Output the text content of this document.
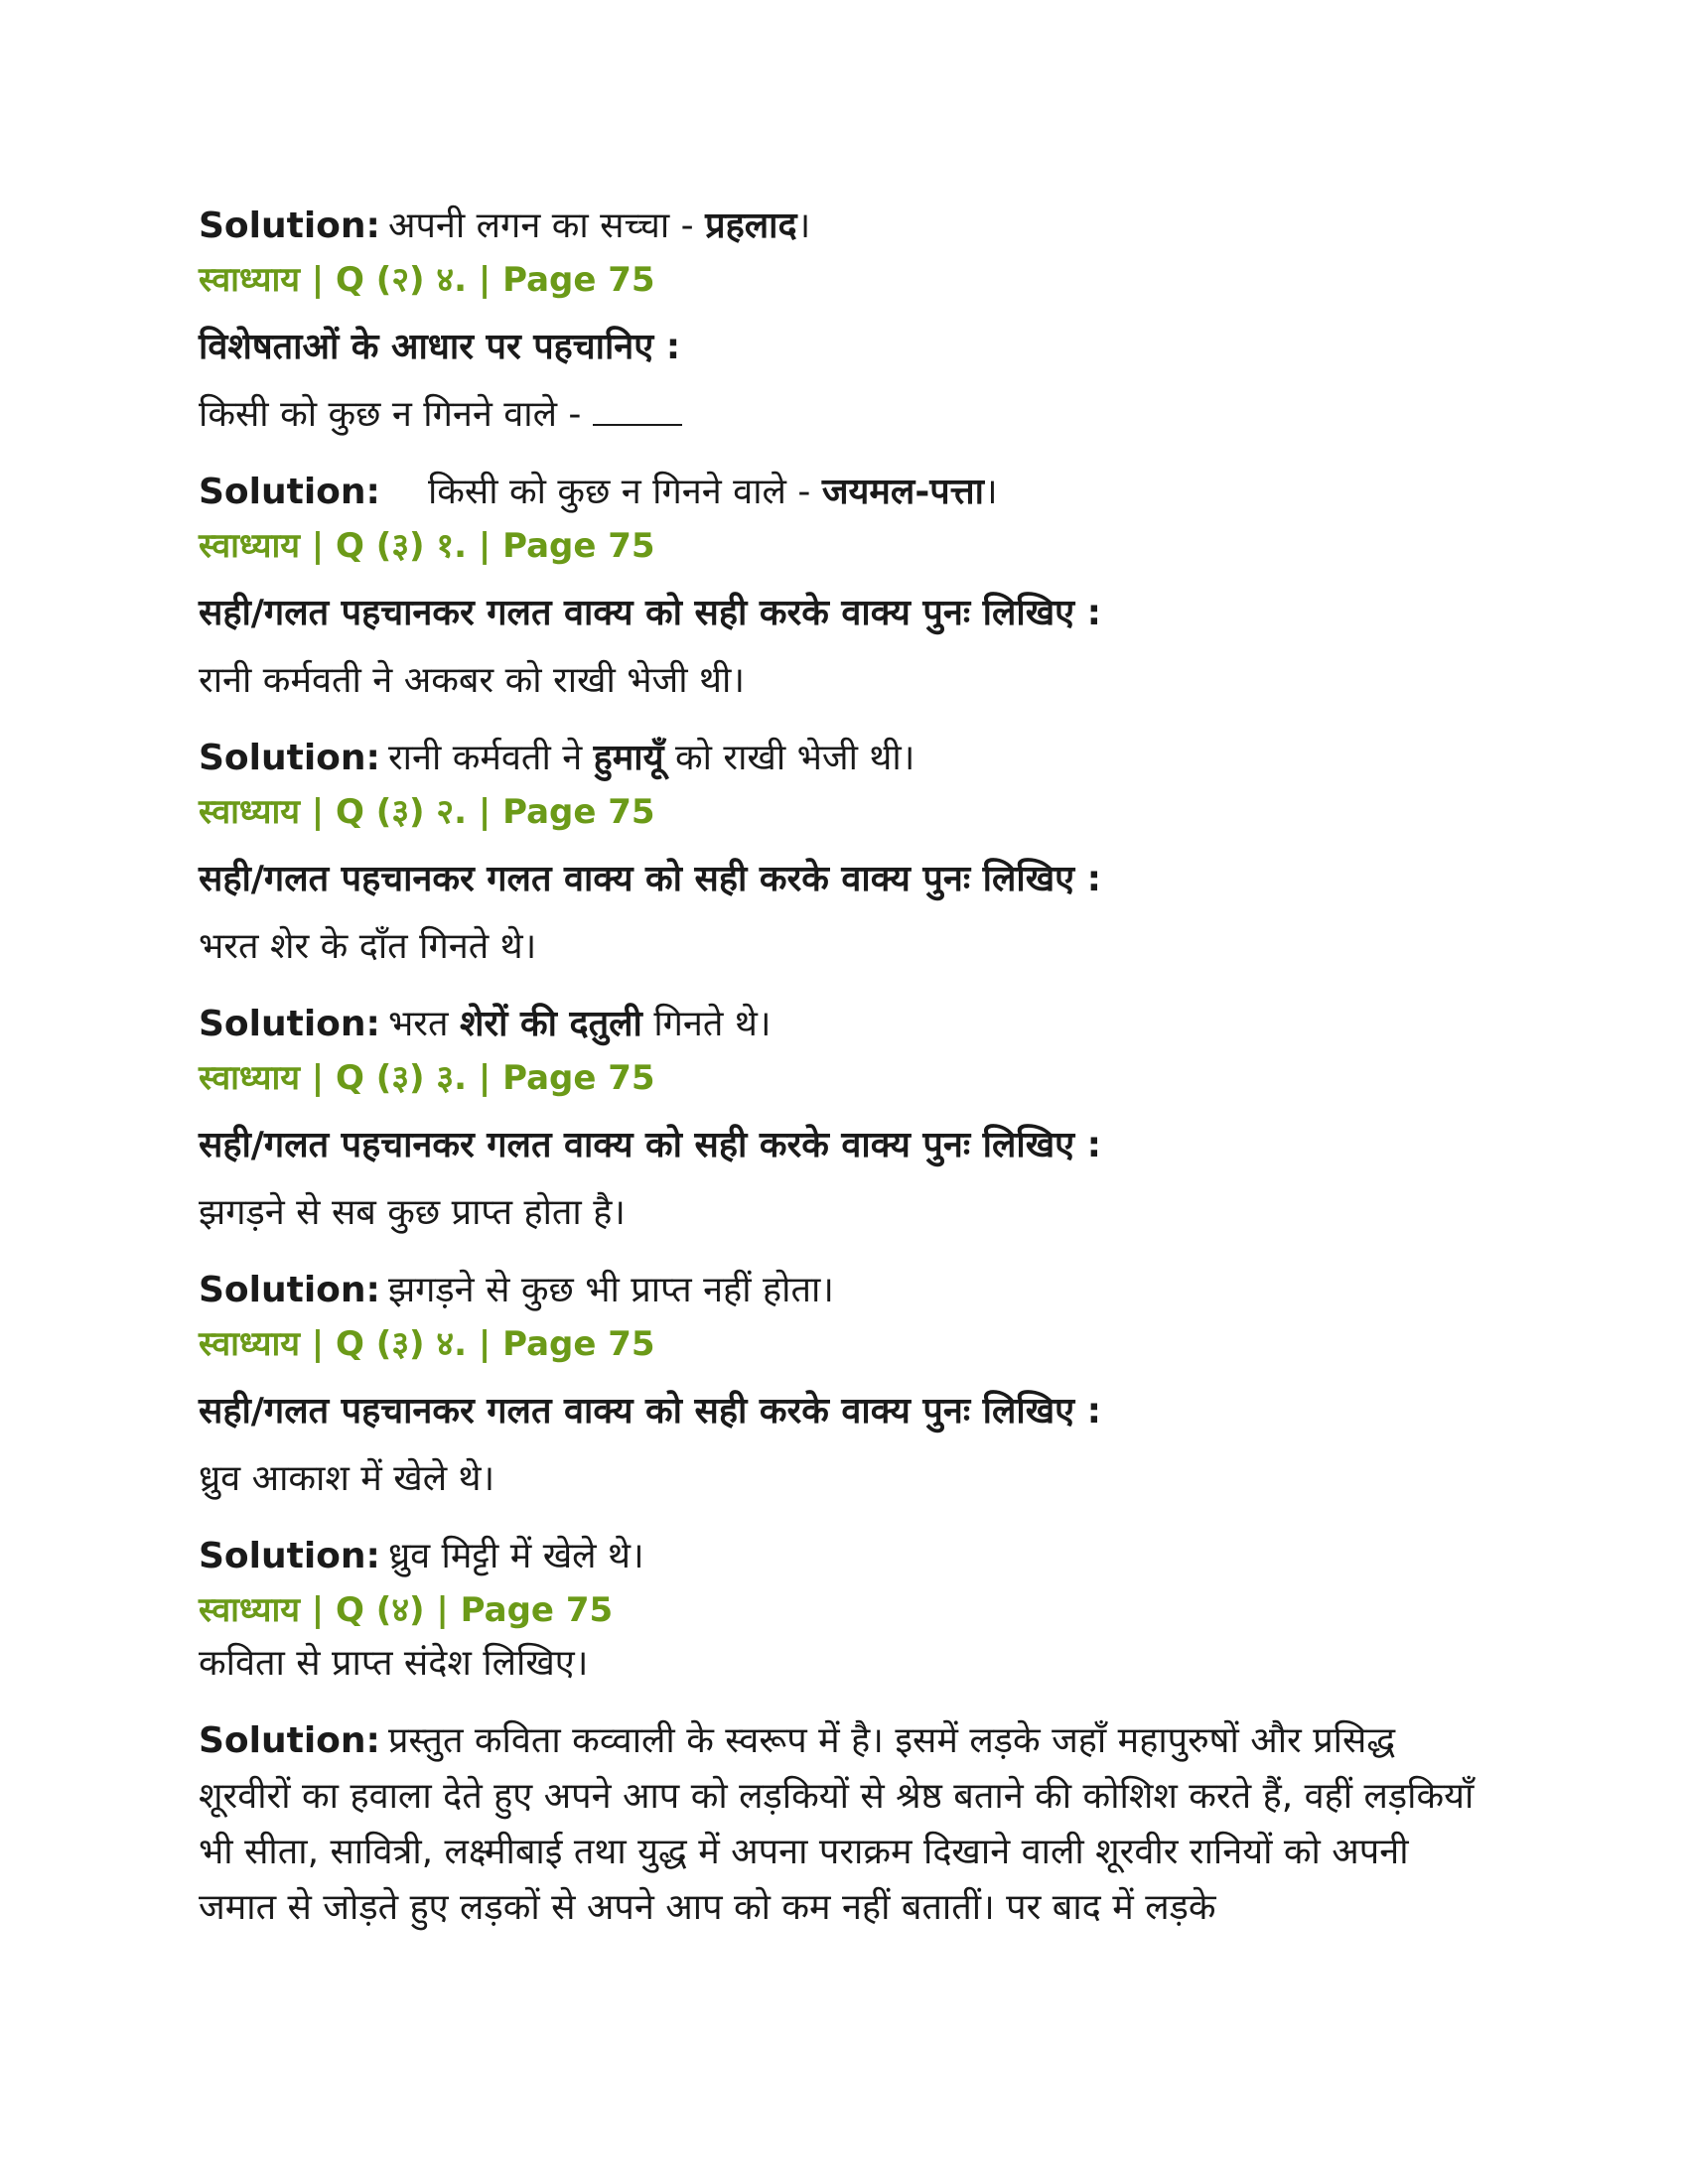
Solution: अपनी लगन का सच्चा - प्रहलाद।

स्वाध्याय | Q (२) ४. | Page 75

विशेषताओं के आधार पर पहचानिए :

किसी को कुछ न गिनने वाले -

Solution: किसी को कुछ न गिनने वाले - जयमल-पत्ता।

स्वाध्याय | Q (३) १. | Page 75

सही/गलत पहचानकर गलत वाक्य को सही करके वाक्य पुनः लिखिए :

रानी कर्मवती ने अकबर को राखी भेजी थी।

Solution: रानी कर्मवती ने हुमायूँ को राखी भेजी थी।

स्वाध्याय | Q (३) २. | Page 75

सही/गलत पहचानकर गलत वाक्य को सही करके वाक्य पुनः लिखिए :

भरत शेर के दाँत गिनते थे।

Solution: भरत शेरों की दतुली गिनते थे।

स्वाध्याय | Q (३) ३. | Page 75

सही/गलत पहचानकर गलत वाक्य को सही करके वाक्य पुनः लिखिए :

झगड़ने से सब कुछ प्राप्त होता है।

Solution: झगड़ने से कुछ भी प्राप्त नहीं होता।

स्वाध्याय | Q (३) ४. | Page 75

सही/गलत पहचानकर गलत वाक्य को सही करके वाक्य पुनः लिखिए :

ध्रुव आकाश में खेले थे।

Solution: ध्रुव मिट्टी में खेले थे।

स्वाध्याय | Q (४) | Page 75

कविता से प्राप्त संदेश लिखिए।

Solution: प्रस्तुत कविता कव्वाली के स्वरूप में है। इसमें लड़के जहाँ महापुरुषों और प्रसिद्ध शूरवीरों का हवाला देते हुए अपने आप को लड़कियों से श्रेष्ठ बताने की कोशिश करते हैं, वहीं लड़कियाँ भी सीता, सावित्री, लक्ष्मीबाई तथा युद्ध में अपना पराक्रम दिखाने वाली शूरवीर रानियों को अपनी जमात से जोड़ते हुए लड़कों से अपने आप को कम नहीं बतातीं। पर बाद में लड़के
